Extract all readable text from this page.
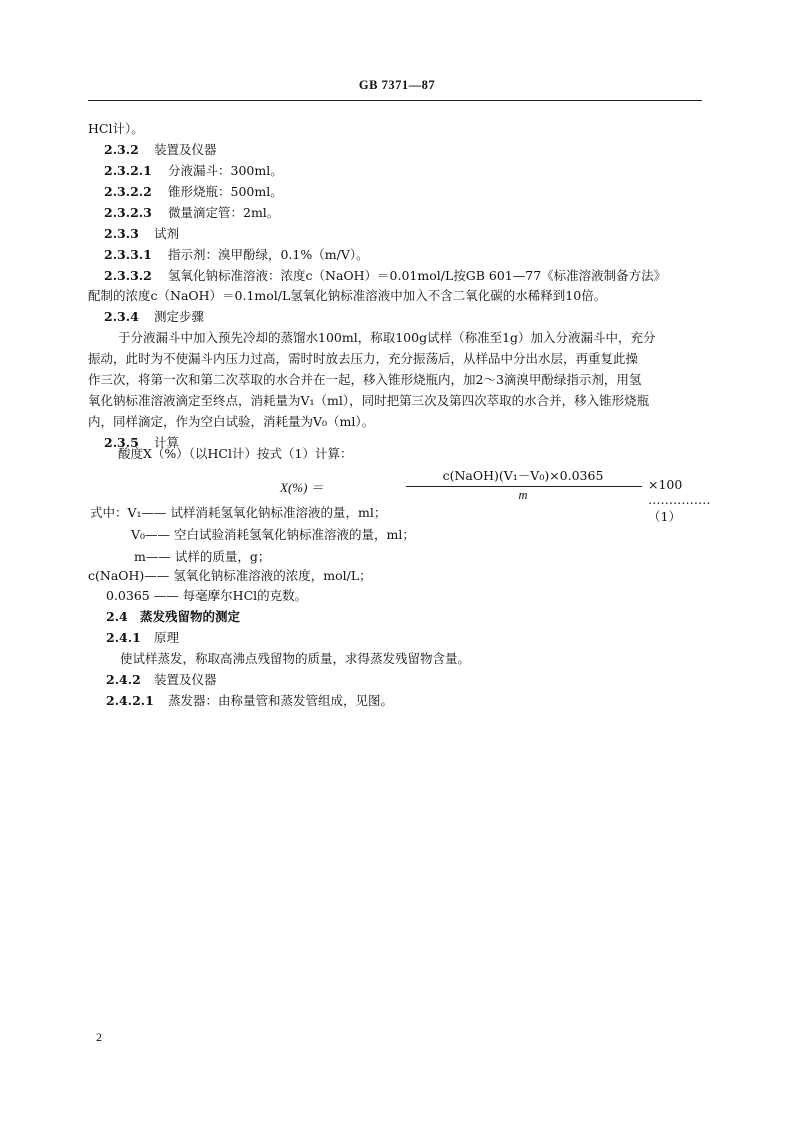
GB 7371—87
HCl计）。
2.3.2 装置及仪器
2.3.2.1 分液漏斗：300ml。
2.3.2.2 锥形烧瓶：500ml。
2.3.2.3 微量滴定管：2ml。
2.3.3 试剂
2.3.3.1 指示剂：溴甲酚绿，0.1%（m/V）。
2.3.3.2 氢氧化钠标准溶液：浓度c（NaOH）＝0.01mol/L按GB 601—77《标准溶液制备方法》
配制的浓度c（NaOH）＝0.1mol/L氢氧化钠标准溶液中加入不含二氧化碳的水稀释到10倍。
2.3.4 测定步骤
于分液漏斗中加入预先冷却的蒸馏水100ml，称取100g试样（称准至1g）加入分液漏斗中，充分
振动，此时为不使漏斗内压力过高，需时时放去压力，充分振荡后，从样品中分出水层，再重复此操
作三次，将第一次和第二次萃取的水合并在一起，移入锥形烧瓶内，加2～3滴溴甲酚绿指示剂，用氢
氧化钠标准溶液滴定至终点，消耗量为V₁（ml），同时把第三次及第四次萃取的水合并，移入锥形烧瓶
内，同样滴定，作为空白试验，消耗量为V₀（ml）。
2.3.5 计算
酸度X（%）（以HCl计）按式（1）计算：
X(%) ＝
c(NaOH)(V₁－V₀)×0.0365
m
×100 ……………（1）
式中：V₁—— 试样消耗氢氧化钠标准溶液的量，ml；
V₀—— 空白试验消耗氢氧化钠标准溶液的量，ml；
m—— 试样的质量，g；
c(NaOH)—— 氢氧化钠标准溶液的浓度，mol/L；
0.0365 —— 每毫摩尔HCl的克数。
2.4 蒸发残留物的测定
2.4.1 原理
使试样蒸发，称取高沸点残留物的质量，求得蒸发残留物含量。
2.4.2 装置及仪器
2.4.2.1 蒸发器：由称量管和蒸发管组成，见图。
2
